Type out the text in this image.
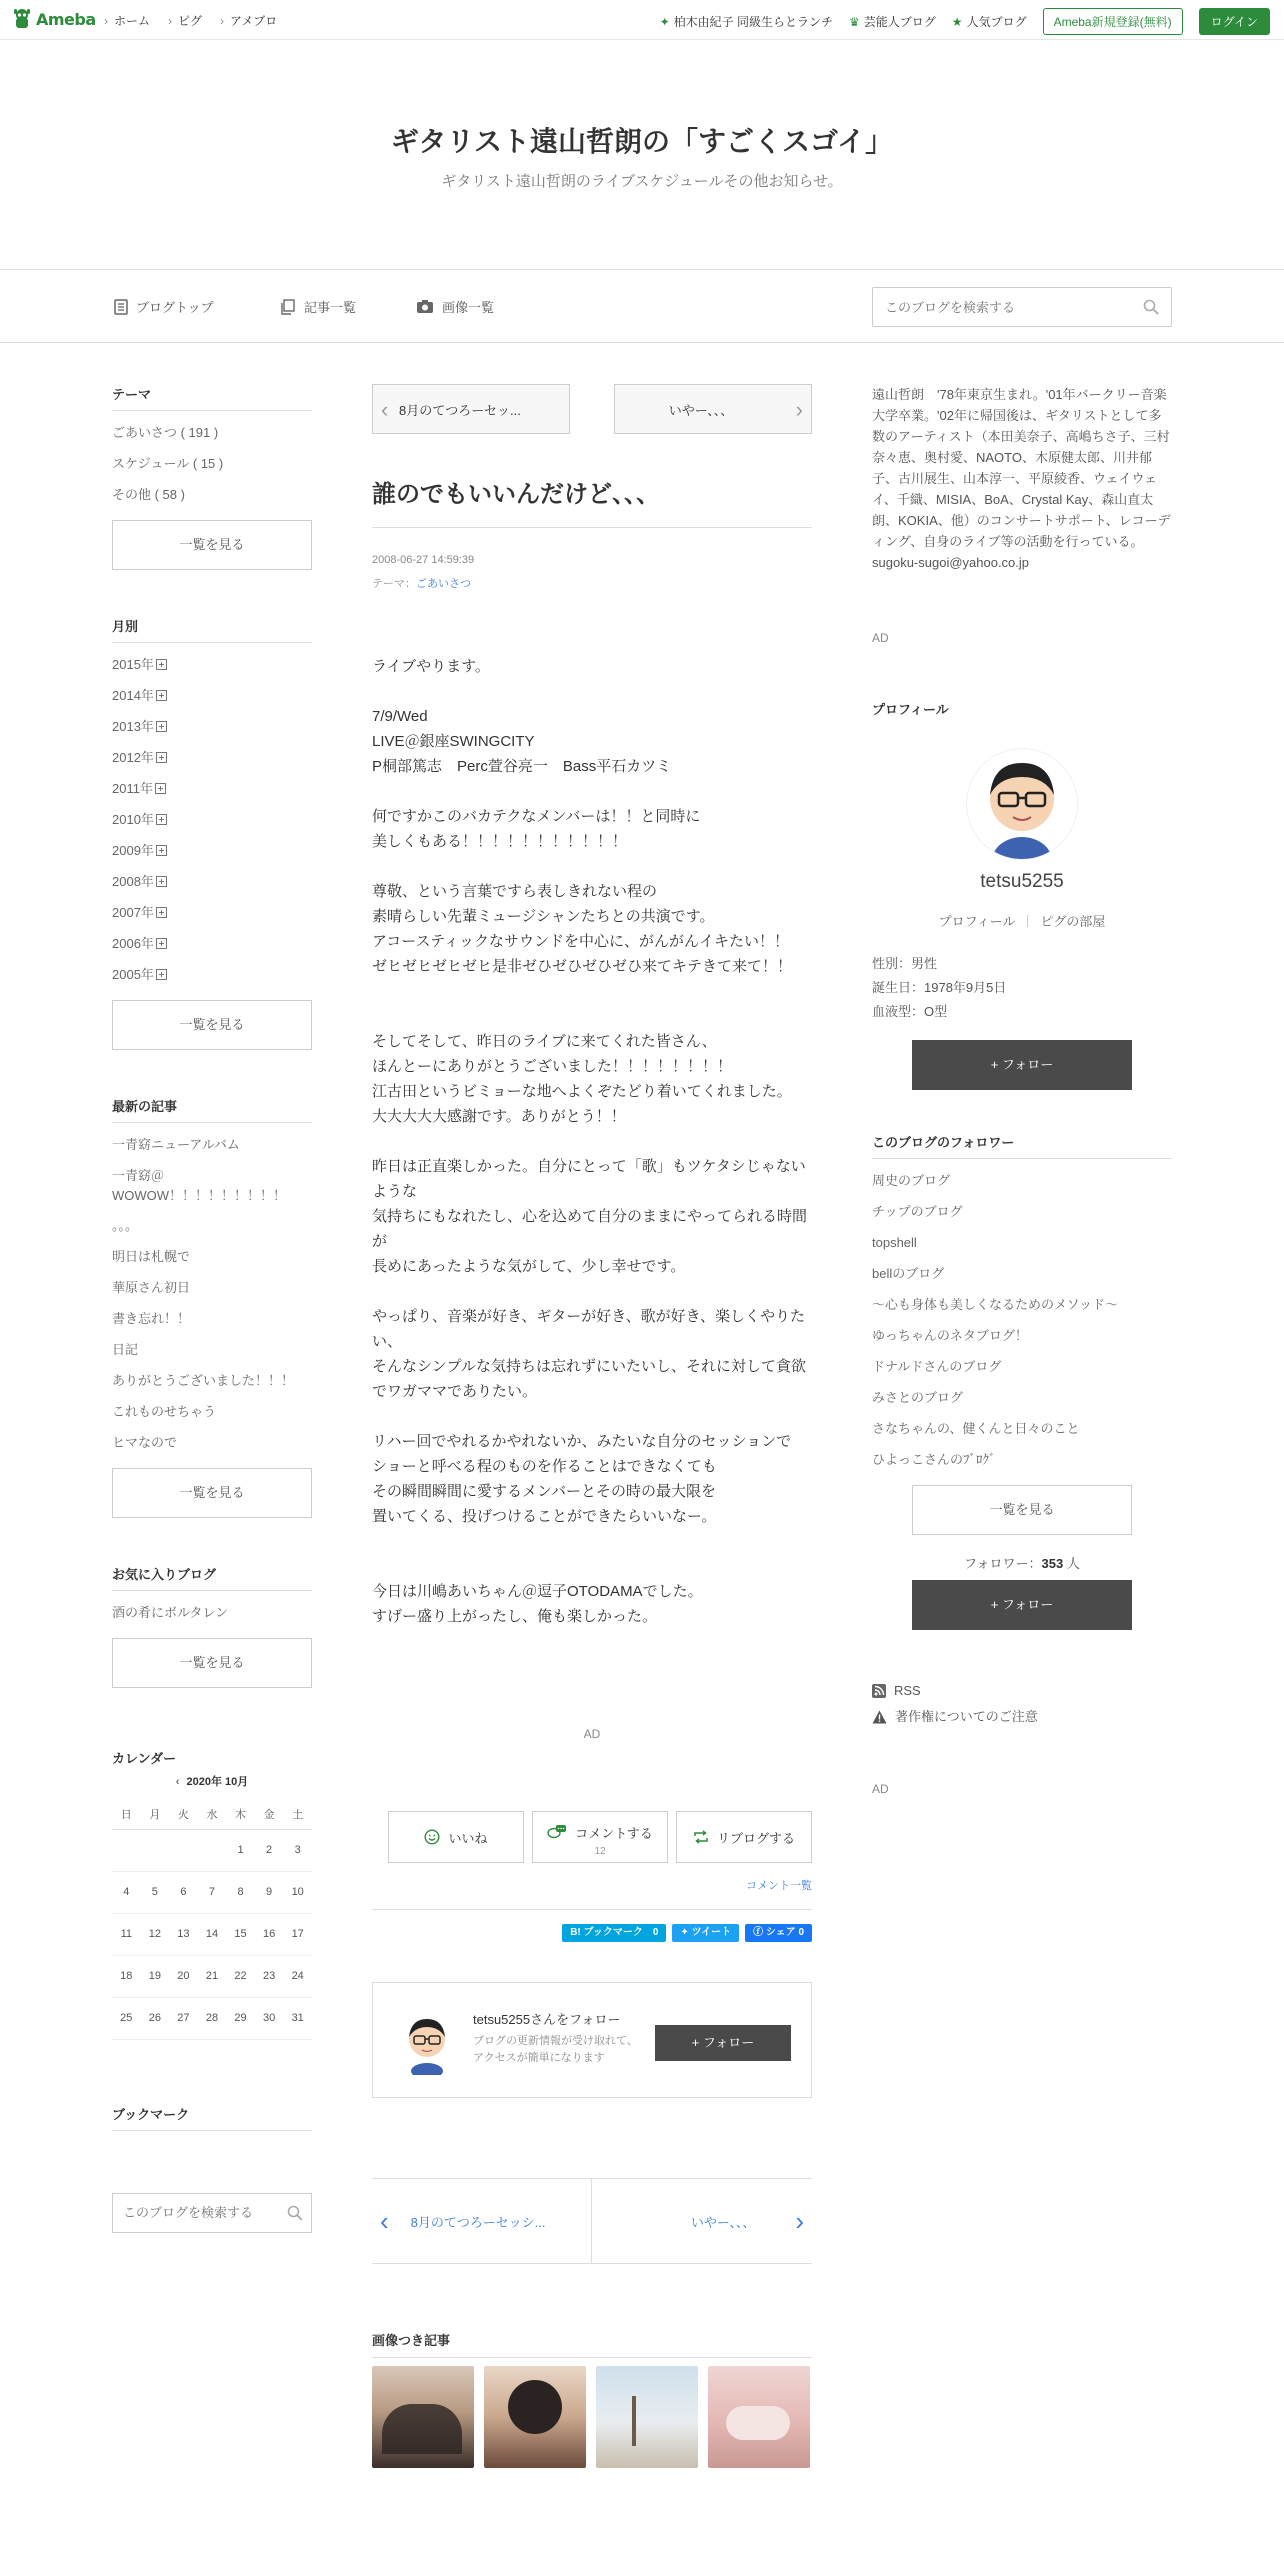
Ameba	› ホーム	› ピグ	› アメブロ	✦ 柏木由紀子 同級生らとランチ ♛ 芸能人ブログ ★ 人気ブログ	Ameba新規登録(無料)	ログイン
ギタリスト遠山哲朗の「すごくスゴイ」
ギタリスト遠山哲朗のライブスケジュールその他お知らせ。
ブログトップ	記事一覧	画像一覧
このブログを検索する
テーマ
ごあいさつ ( 191 )
スケジュール ( 15 )
その他 ( 58 )
一覧を見る
月別
2015年
2014年
2013年
2012年
2011年
2010年
2009年
2008年
2007年
2006年
2005年
一覧を見る
最新の記事
一青窈ニューアルバム
一青窈＠WOWOW！！！！！！！！！
。。。
明日は札幌で
華原さん初日
書き忘れ！！
日記
ありがとうございました！！！
これものせちゃう
ヒマなので
一覧を見る
お気に入りブログ
酒の肴にボルタレン
一覧を見る
カレンダー
‹ 2020年 10月
日	月	火	水	木	金	土
				1	2	3
4	5	6	7	8	9	10
11	12	13	14	15	16	17
18	19	20	21	22	23	24
25	26	27	28	29	30	31
ブックマーク
このブログを検索する
‹ 8月のてつろーセッ...	いやー、、、	›
誰のでもいいんだけど、、、
2008-06-27 14:59:39
テーマ：ごあいさつ

ライブやります。

7/9/Wed

LIVE＠銀座SWINGCITY

P桐部篤志　Perc萱谷亮一　Bass平石カツミ

何ですかこのバカテクなメンバーは！！と同時に

美しくもある！！！！！！！！！！！

尊敬、という言葉ですら表しきれない程の

素晴らしい先輩ミュージシャンたちとの共演です。

アコースティックなサウンドを中心に、がんがんイキたい！！

ゼヒゼヒゼヒゼヒ是非ゼひゼひゼひゼひ来てキテきて来て！！

そしてそして、昨日のライブに来てくれた皆さん、

ほんとーにありがとうございました！！！！！！！！

江古田というビミョーな地へよくぞたどり着いてくれました。

大大大大大感謝です。ありがとう！！

昨日は正直楽しかった。自分にとって「歌」もツケタシじゃないような

気持ちにもなれたし、心を込めて自分のままにやってられる時間が

長めにあったような気がして、少し幸せです。

やっぱり、音楽が好き、ギターが好き、歌が好き、楽しくやりたい、

そんなシンプルな気持ちは忘れずにいたいし、それに対して貪欲でワガママでありたい。

リハー回でやれるかやれないか、みたいな自分のセッションで

ショーと呼べる程のものを作ることはできなくても

その瞬間瞬間に愛するメンバーとその時の最大限を

置いてくる、投げつけることができたらいいなー。

今日は川嶋あいちゃん＠逗子OTODAMAでした。

すげー盛り上がったし、俺も楽しかった。

AD
いいね	コメントする
12
リブログする
コメント一覧
B! ブックマーク　0	✦ ツイート	ⓕ シェア 0
tetsu5255さんをフォロー
ブログの更新情報が受け取れて、アクセスが簡単になります
+ フォロー
‹ 8月のてつろーセッシ...	いやー、、、 ›
画像つき記事
遠山哲朗　'78年東京生まれ。'01年バークリー音楽大学卒業。'02年に帰国後は、ギタリストとして多数のアーティスト（本田美奈子、高嶋ちさ子、三村奈々恵、奥村愛、NAOTO、木原健太郎、川井郁子、古川展生、山本淳一、平原綾香、ウェイウェイ、千織、MISIA、BoA、Crystal Kay、森山直太朗、KOKIA、他）のコンサートサポート、レコーディング、自身のライブ等の活動を行っている。
sugoku-sugoi@yahoo.co.jp
AD
プロフィール
tetsu5255
プロフィール ピグの部屋
性別：男性
誕生日：1978年9月5日
血液型：O型
+ フォロー
このブログのフォロワー
周史のブログ
チップのブログ
topshell
bellのブログ
〜心も身体も美しくなるためのメソッド〜
ゆっちゃんのネタブログ！
ドナルドさんのブログ
みさとのブログ
さなちゃんの、健くんと日々のこと
ひよっこさんのﾌﾞﾛｸﾞ
一覧を見る
フォロワー：353 人
+ フォロー
RSS
著作権についてのご注意
AD
